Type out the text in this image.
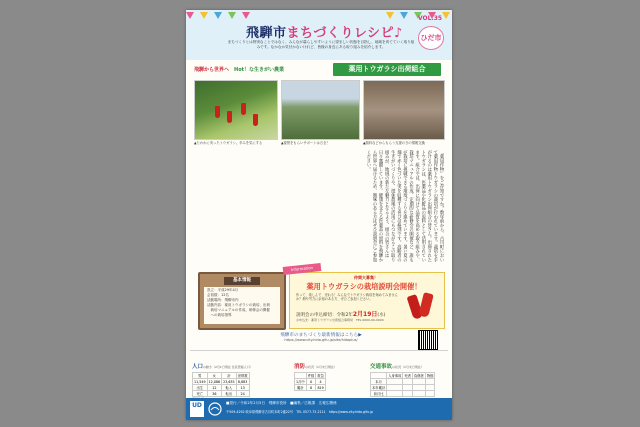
飛騨市まちづくりレシピ♪
VOL.35
ひだ市
まちづくりとは特別なことではなく、みんなが暮らしやすいように望ましい状態を目指し、地域を育てていく取り組みです。なかなか気付かないけれど、皆様の身近にある取り組みを紹介します。
飛騨から世界へ　 Hot！な生きがい農業	薬用トウガラシ出荷組合
▲たわわに実ったトウガラシ。辛みを気にする	▲視察をもらいサポートは万全！	▲顔料などからもらう支援のきの情報交換
「薬用作物」をご存知ですか？数年前から、古川町において薬用作物トウガラシの栽培が行われています。栽培を手がけるのは薬用トウガラシ出荷組合の皆さん。出荷されたトウガラシは、医薬品や化粧品の原料として活用されています。組合では、出荷に向けて品質を高める取り組みや、栽培マニュアルの作成、定期的な研修会の開催など、誰もが栽培に挑戦できる環境づくりを進めています。暑い夏の畑で赤く色づいた実を収穫する喜びは格別です。高齢者の生きがいづくりや、遊休農地の活用にもつながるこの取り組みが、地域の新たな魅力となるよう、組合の皆さんは日々奮闘しています。健康を支える医薬品の原料を飛騨から世界へ届けるため、興味のある方はぜひ説明会にご参加ください。
基本情報
設立：平成29年4月
会員数：12名
活動場所：飛騨市内
活動内容：薬用トウガラシの栽培、出荷
　栽培マニュアルの作成、研修会の開催
　への栽培指導
仲間大募集！
薬用トウガラシの栽培説明会開催！
作って、楽しんで、売れる！みんなでトウガラシ栽培を始めてみませんか？畑や労力に余裕のある方、ぜひご参加ください。
説明会の申込締切：令和2年2月19日(水)
お申込先：薬用トウガラシ出荷組合事務局　TEL 0000-00-0000
Information
飛騨市のまちづくり最新情報はこちら▶
https://www.city.hida.gifu.jp/site/hidaplus/
人口の動き（2月1日現在 住民登録人口）
男	女	計	世帯数
11,549	12,086	23,635	8,883
出生	12	転入	13
死亡	36	転出	24
消防の状況（1月末日現在）
	件数	救急
1月中	0	4
累計	8	819
交通事故の状況（1月末日現在）
	人身事故	死者	負傷者	物損
本月				
本年累計				
前月比				
UD	■発行／令和2年2月5日　飛騨市役所　■編集／広報課　広報広聴係
〒509-4292 岐阜県飛騨市古川町本町2番22号　TEL 0577-73-2111　https://www.city.hida.gifu.jp
